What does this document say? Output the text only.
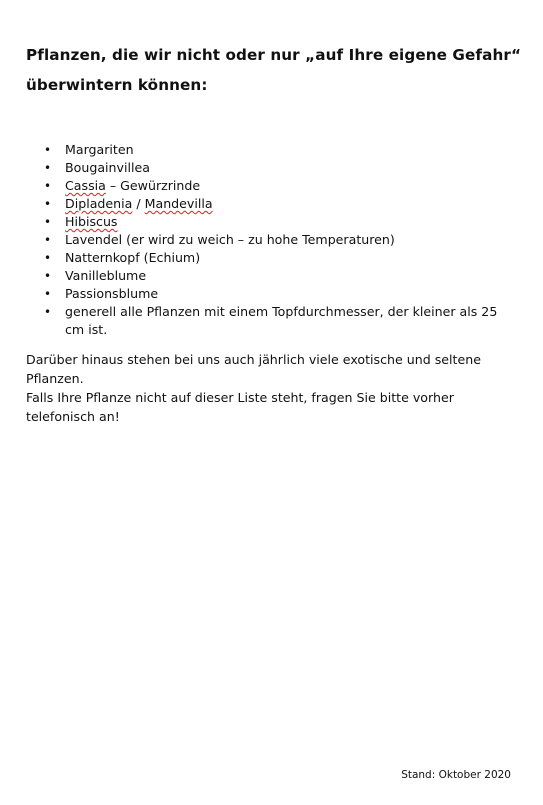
Pflanzen, die wir nicht oder nur „auf Ihre eigene Gefahr“
überwintern können:
• Margariten
• Bougainvillea
• Cassia – Gewürzrinde
• Dipladenia / Mandevilla
• Hibiscus
• Lavendel (er wird zu weich – zu hohe Temperaturen)
• Natternkopf (Echium)
• Vanilleblume
• Passionsblume
• generell alle Pflanzen mit einem Topfdurchmesser, der kleiner als 25 cm ist.

Darüber hinaus stehen bei uns auch jährlich viele exotische und seltene Pflanzen.

Falls Ihre Pflanze nicht auf dieser Liste steht, fragen Sie bitte vorher telefonisch an!

Stand: Oktober 2020
